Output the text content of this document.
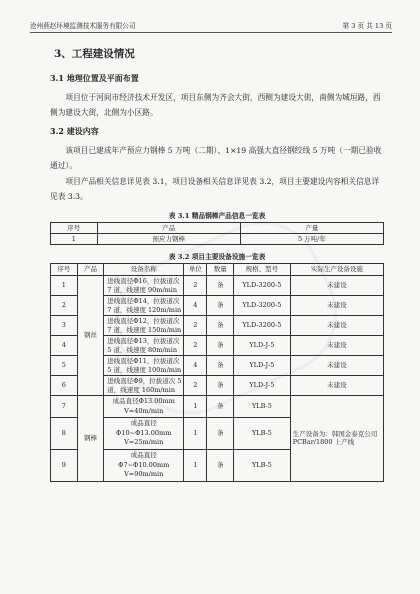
沧州燕赵环境监测技术服务有限公司	第 3 页 共 13 页
3、工程建设情况
3.1 地理位置及平面布置

项目位于河间市经济技术开发区，项目东侧为齐会大街，西侧为建设大街，南侧为城垣路，西侧为建设大街，北侧为小区路。

3.2 建设内容

该项目已建成年产预应力钢棒 5 万吨（二期）、1×19 高强大直径钢绞线 5 万吨（一期已验收通过）。

项目产品相关信息详见表 3.1，项目设备相关信息详见表 3.2，项目主要建设内容相关信息详见表 3.3。

表 3.1 精品钢棒产品信息一览表
序号	产品	产量
1	预应力钢棒	5 万吨/年
表 3.2 项目主要设备设施一览表
序号	产品	设备名称	单位	数量	规格、型号	实际生产设备设施
1	钢丝	进线直径Φ16，拉拔道次 7 道，线速度 90m/min	2	条	YLD-3200-5	未建设
2		进线直径Φ14，拉拔道次 7 道，线速度 120m/min	4	条	YLD-3200-5	未建设
3		进线直径Φ12，拉拔道次 7 道，线速度 150m/min	2	条	YLD-3200-5	未建设
4		进线直径Φ13，拉拔道次 5 道，线速度 80m/min	2	条	YLD-J-5	未建设
5		进线直径Φ11，拉拔道次 5 道，线速度 100m/min	4	条	YLD-J-5	未建设
6		进线直径Φ9，拉拔道次 5 道，线速度 160m/min	2	条	YLD-J-5	未建设
7	钢棒	成品直径Φ13.00mm V=40m/min	1	条	YLB-5	生产设备为：韩国金泰克公司 PCBar/1800 上产线
8		成品直径 Φ10~Φ13.00mm V=25m/min	1	条	YLB-5	
9		成品直径 Φ7~Φ10.00mm V=90m/min	1	条	YLB-5	
